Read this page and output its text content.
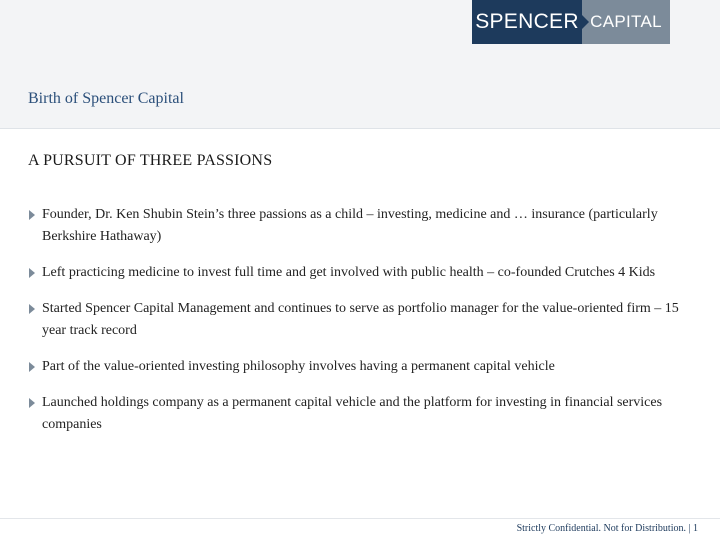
SPENCER CAPITAL
Birth of Spencer Capital
A PURSUIT OF THREE PASSIONS
Founder, Dr. Ken Shubin Stein’s three passions as a child – investing, medicine and … insurance (particularly Berkshire Hathaway)
Left practicing medicine to invest full time and get involved with public health – co-founded Crutches 4 Kids
Started Spencer Capital Management and continues to serve as portfolio manager for the value-oriented firm – 15 year track record
Part of the value-oriented investing philosophy involves having a permanent capital vehicle
Launched holdings company as a permanent capital vehicle and the platform for investing in financial services companies
Strictly Confidential. Not for Distribution. | 1
